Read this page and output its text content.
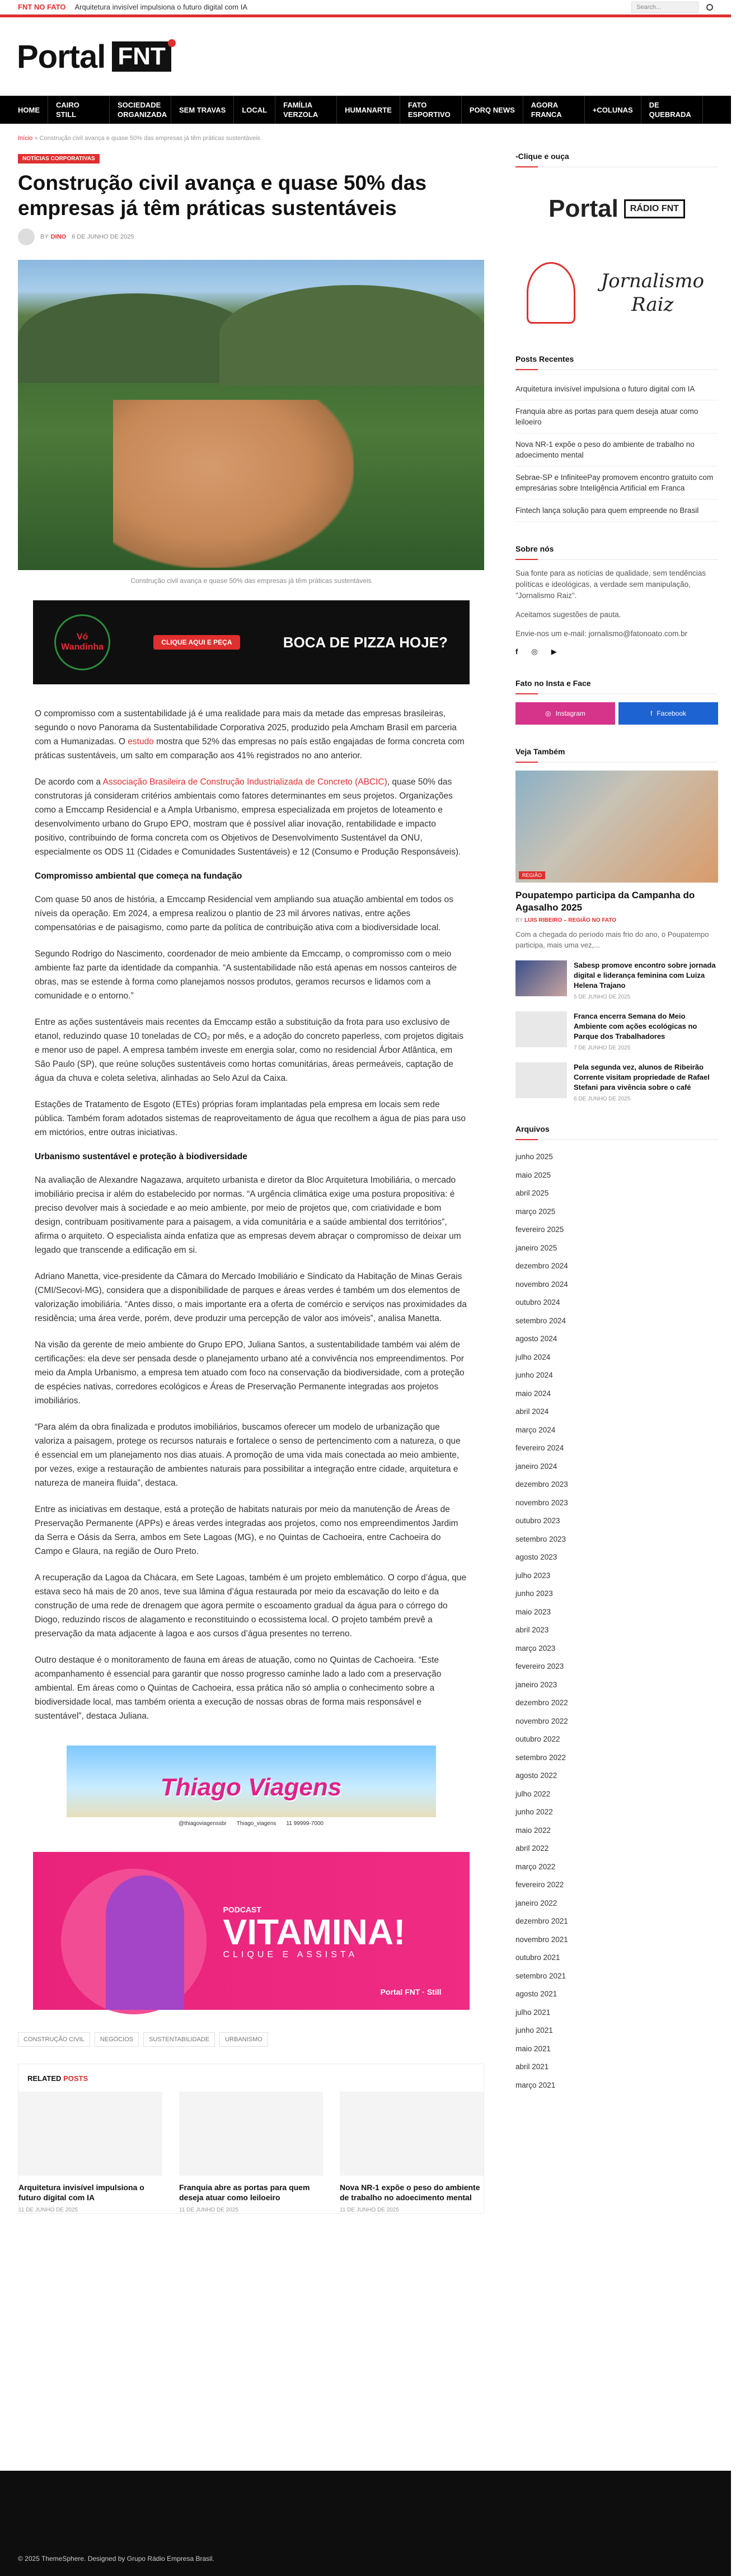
FNT NO FATO Arquitetura invisível impulsiona o futuro digital com IA	Search...
Portal FNT
HOME
CAIRO STILL
SOCIEDADE ORGANIZADA
SEM TRAVAS	LOCAL
FAMÍLIA VERZOLA
HUMANARTE
FATO ESPORTIVO
PORQ NEWS
AGORA FRANCA
+COLUNAS
DE QUEBRADA
Início » Construção civil avança e quase 50% das empresas já têm práticas sustentáveis
NOTÍCIAS CORPORATIVAS
Construção civil avança e quase 50% das empresas já têm práticas sustentáveis
BY DINO 6 DE JUNHO DE 2025
Construção civil avança e quase 50% das empresas já têm práticas sustentáveis
Vó Wandinha	CLIQUE AQUI E PEÇA	BOCA DE PIZZA HOJE?

O compromisso com a sustentabilidade já é uma realidade para mais da metade das empresas brasileiras, segundo o novo Panorama da Sustentabilidade Corporativa 2025, produzido pela Amcham Brasil em parceria com a Humanizadas. O estudo mostra que 52% das empresas no país estão engajadas de forma concreta com práticas sustentáveis, um salto em comparação aos 41% registrados no ano anterior.

De acordo com a Associação Brasileira de Construção Industrializada de Concreto (ABCIC), quase 50% das construtoras já consideram critérios ambientais como fatores determinantes em seus projetos. Organizações como a Emccamp Residencial e a Ampla Urbanismo, empresa especializada em projetos de loteamento e desenvolvimento urbano do Grupo EPO, mostram que é possível aliar inovação, rentabilidade e impacto positivo, contribuindo de forma concreta com os Objetivos de Desenvolvimento Sustentável da ONU, especialmente os ODS 11 (Cidades e Comunidades Sustentáveis) e 12 (Consumo e Produção Responsáveis).

Compromisso ambiental que começa na fundação

Com quase 50 anos de história, a Emccamp Residencial vem ampliando sua atuação ambiental em todos os níveis da operação. Em 2024, a empresa realizou o plantio de 23 mil árvores nativas, entre ações compensatórias e de paisagismo, como parte da política de contribuição ativa com a biodiversidade local.

Segundo Rodrigo do Nascimento, coordenador de meio ambiente da Emccamp, o compromisso com o meio ambiente faz parte da identidade da companhia. “A sustentabilidade não está apenas em nossos canteiros de obras, mas se estende à forma como planejamos nossos produtos, geramos recursos e lidamos com a comunidade e o entorno.”

Entre as ações sustentáveis mais recentes da Emccamp estão a substituição da frota para uso exclusivo de etanol, reduzindo quase 10 toneladas de CO₂ por mês, e a adoção do concreto paperless, com projetos digitais e menor uso de papel. A empresa também investe em energia solar, como no residencial Árbor Atlântica, em São Paulo (SP), que reúne soluções sustentáveis como hortas comunitárias, áreas permeáveis, captação de água da chuva e coleta seletiva, alinhadas ao Selo Azul da Caixa.

Estações de Tratamento de Esgoto (ETEs) próprias foram implantadas pela empresa em locais sem rede pública. Também foram adotados sistemas de reaproveitamento de água que recolhem a água de pias para uso em mictórios, entre outras iniciativas.

Urbanismo sustentável e proteção à biodiversidade

Na avaliação de Alexandre Nagazawa, arquiteto urbanista e diretor da Bloc Arquitetura Imobiliária, o mercado imobiliário precisa ir além do estabelecido por normas. “A urgência climática exige uma postura propositiva: é preciso devolver mais à sociedade e ao meio ambiente, por meio de projetos que, com criatividade e bom design, contribuam positivamente para a paisagem, a vida comunitária e a saúde ambiental dos territórios”, afirma o arquiteto. O especialista ainda enfatiza que as empresas devem abraçar o compromisso de deixar um legado que transcende a edificação em si.

Adriano Manetta, vice-presidente da Câmara do Mercado Imobiliário e Sindicato da Habitação de Minas Gerais (CMI/Secovi-MG), considera que a disponibilidade de parques e áreas verdes é também um dos elementos de valorização imobiliária. “Antes disso, o mais importante era a oferta de comércio e serviços nas proximidades da residência; uma área verde, porém, deve produzir uma percepção de valor aos imóveis”, analisa Manetta.

Na visão da gerente de meio ambiente do Grupo EPO, Juliana Santos, a sustentabilidade também vai além de certificações: ela deve ser pensada desde o planejamento urbano até a convivência nos empreendimentos. Por meio da Ampla Urbanismo, a empresa tem atuado com foco na conservação da biodiversidade, com a proteção de espécies nativas, corredores ecológicos e Áreas de Preservação Permanente integradas aos projetos imobiliários.

“Para além da obra finalizada e produtos imobiliários, buscamos oferecer um modelo de urbanização que valoriza a paisagem, protege os recursos naturais e fortalece o senso de pertencimento com a natureza, o que é essencial em um planejamento nos dias atuais. A promoção de uma vida mais conectada ao meio ambiente, por vezes, exige a restauração de ambientes naturais para possibilitar a integração entre cidade, arquitetura e natureza de maneira fluida”, destaca.

Entre as iniciativas em destaque, está a proteção de habitats naturais por meio da manutenção de Áreas de Preservação Permanente (APPs) e áreas verdes integradas aos projetos, como nos empreendimentos Jardim da Serra e Oásis da Serra, ambos em Sete Lagoas (MG), e no Quintas de Cachoeira, entre Cachoeira do Campo e Glaura, na região de Ouro Preto.

A recuperação da Lagoa da Chácara, em Sete Lagoas, também é um projeto emblemático. O corpo d’água, que estava seco há mais de 20 anos, teve sua lâmina d’água restaurada por meio da escavação do leito e da construção de uma rede de drenagem que agora permite o escoamento gradual da água para o córrego do Diogo, reduzindo riscos de alagamento e reconstituindo o ecossistema local. O projeto também prevê a preservação da mata adjacente à lagoa e aos cursos d’água presentes no terreno.

Outro destaque é o monitoramento de fauna em áreas de atuação, como no Quintas de Cachoeira. “Este acompanhamento é essencial para garantir que nosso progresso caminhe lado a lado com a preservação ambiental. Em áreas como o Quintas de Cachoeira, essa prática não só amplia o conhecimento sobre a biodiversidade local, mas também orienta a execução de nossas obras de forma mais responsável e sustentável”, destaca Juliana.

Thiago Viagens
@thiagoviagenssbr Thiago_viagens 11 99999-7000
PODCAST
VITAMINA!
CLIQUE E ASSISTA
Portal FNT · Still
CONSTRUÇÃO CIVIL	NEGÓCIOS	SUSTENTABILIDADE	URBANISMO
RELATED POSTS
Arquitetura invisível impulsiona o futuro digital com IA
11 DE JUNHO DE 2025
Franquia abre as portas para quem deseja atuar como leiloeiro
11 DE JUNHO DE 2025
Nova NR-1 expõe o peso do ambiente de trabalho no adoecimento mental
11 DE JUNHO DE 2025
-Clique e ouça
Portal	RÁDIO FNT
Jornalismo Raiz
Posts Recentes
Arquitetura invisível impulsiona o futuro digital com IA
Franquia abre as portas para quem deseja atuar como leiloeiro
Nova NR-1 expõe o peso do ambiente de trabalho no adoecimento mental
Sebrae-SP e InfiniteePay promovem encontro gratuito com empresárias sobre Inteligência Artificial em Franca
Fintech lança solução para quem empreende no Brasil
Sobre nós

Sua fonte para as notícias de qualidade, sem tendências políticas e ideológicas, a verdade sem manipulação, "Jornalismo Raiz".

Aceitamos sugestões de pauta.

Envie-nos um e-mail: jornalismo@fatonoato.com.br

f ◎ ▶
Fato no Insta e Face
◎ Instagram	f Facebook
Veja Também
REGIÃO
Poupatempo participa da Campanha do Agasalho 2025
BY LUIS RIBEIRO – REGIÃO NO FATO
Com a chegada do período mais frio do ano, o Poupatempo participa, mais uma vez,...
Sabesp promove encontro sobre jornada digital e liderança feminina com Luiza Helena Trajano
5 DE JUNHO DE 2025
Franca encerra Semana do Meio Ambiente com ações ecológicas no Parque dos Trabalhadores
7 DE JUNHO DE 2025
Pela segunda vez, alunos de Ribeirão Corrente visitam propriedade de Rafael Stefani para vivência sobre o café
6 DE JUNHO DE 2025
Arquivos
junho 2025
maio 2025
abril 2025
março 2025
fevereiro 2025
janeiro 2025
dezembro 2024
novembro 2024
outubro 2024
setembro 2024
agosto 2024
julho 2024
junho 2024
maio 2024
abril 2024
março 2024
fevereiro 2024
janeiro 2024
dezembro 2023
novembro 2023
outubro 2023
setembro 2023
agosto 2023
julho 2023
junho 2023
maio 2023
abril 2023
março 2023
fevereiro 2023
janeiro 2023
dezembro 2022
novembro 2022
outubro 2022
setembro 2022
agosto 2022
julho 2022
junho 2022
maio 2022
abril 2022
março 2022
fevereiro 2022
janeiro 2022
dezembro 2021
novembro 2021
outubro 2021
setembro 2021
agosto 2021
julho 2021
junho 2021
maio 2021
abril 2021
março 2021
© 2025 ThemeSphere. Designed by Grupo Rádio Empresa Brasil.
